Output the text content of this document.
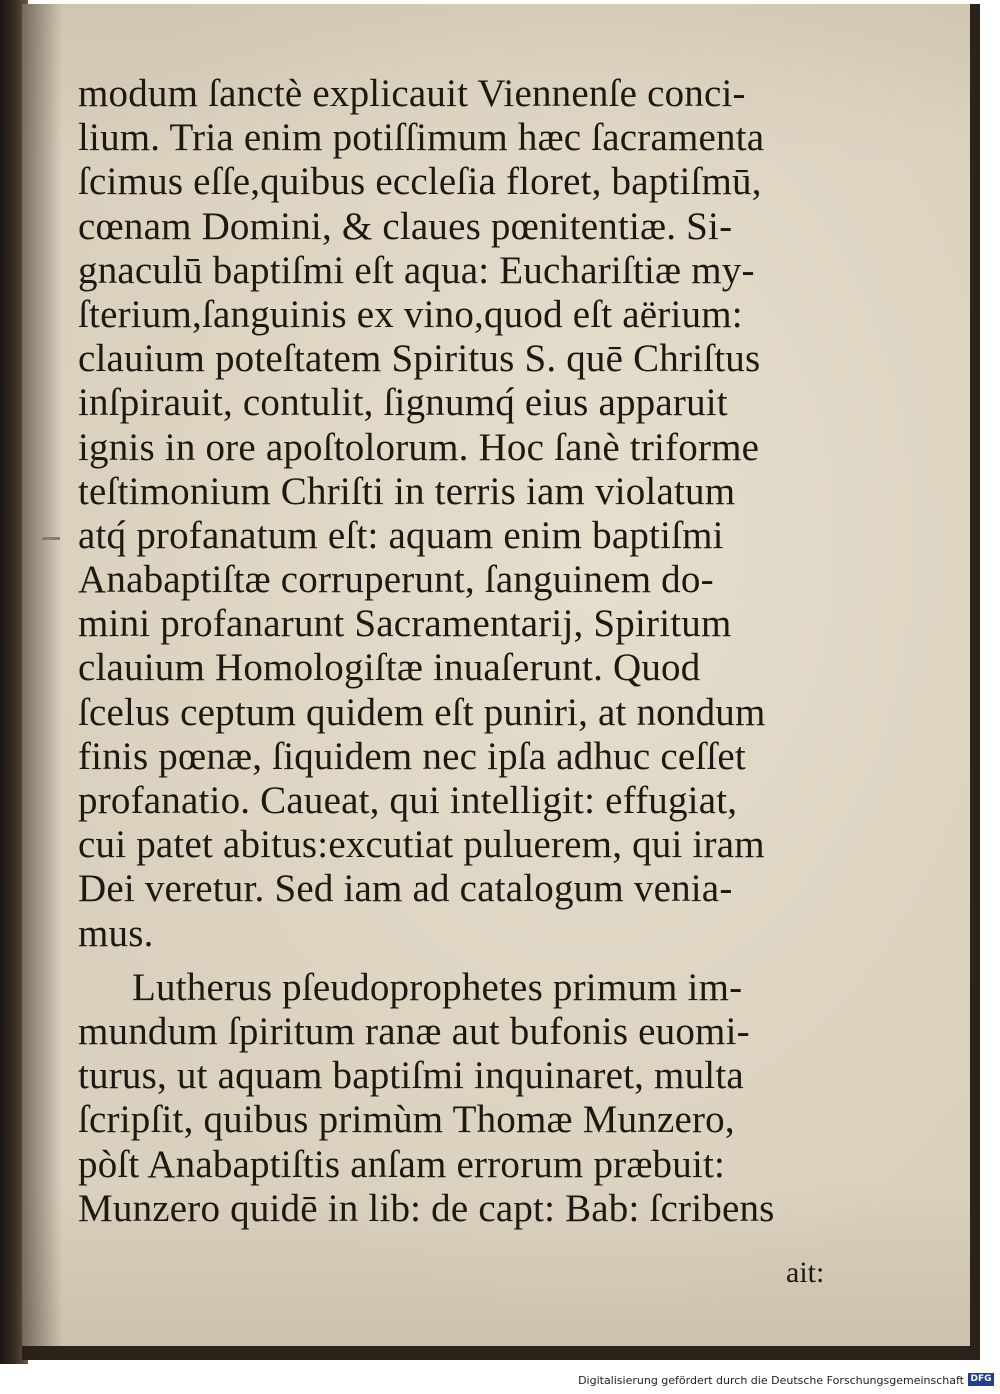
modum ſanctè explicauit Viennenſe conci-
lium. Tria enim potiſſimum hæc ſacramenta
ſcimus eſſe,quibus eccleſia floret, baptiſmū,
cœnam Domini, & claues pœnitentiæ. Si-
gnaculū baptiſmi eſt aqua: Euchariſtiæ my-
ſterium,ſanguinis ex vino,quod eſt aërium:
clauium poteſtatem Spiritus S. quē Chriſtus
inſpirauit, contulit, ſignumq́ eius apparuit
ignis in ore apoſtolorum. Hoc ſanè triforme
teſtimonium Chriſti in terris iam violatum
atq́ profanatum eſt: aquam enim baptiſmi
Anabaptiſtæ corruperunt, ſanguinem do-
mini profanarunt Sacramentarij, Spiritum
clauium Homologiſtæ inuaſerunt. Quod
ſcelus ceptum quidem eſt puniri, at nondum
finis pœnæ, ſiquidem nec ipſa adhuc ceſſet
profanatio. Caueat, qui intelligit: effugiat,
cui patet abitus:excutiat puluerem, qui iram
Dei veretur. Sed iam ad catalogum venia-
mus.
Lutherus pſeudoprophetes primum im-
mundum ſpiritum ranæ aut bufonis euomi-
turus, ut aquam baptiſmi inquinaret, multa
ſcripſit, quibus primùm Thomæ Munzero,
pòſt Anabaptiſtis anſam errorum præbuit:
Munzero quidē in lib: de capt: Bab: ſcribens
ait:
Digitalisierung gefördert durch die Deutsche Forschungsgemeinschaft DFG
